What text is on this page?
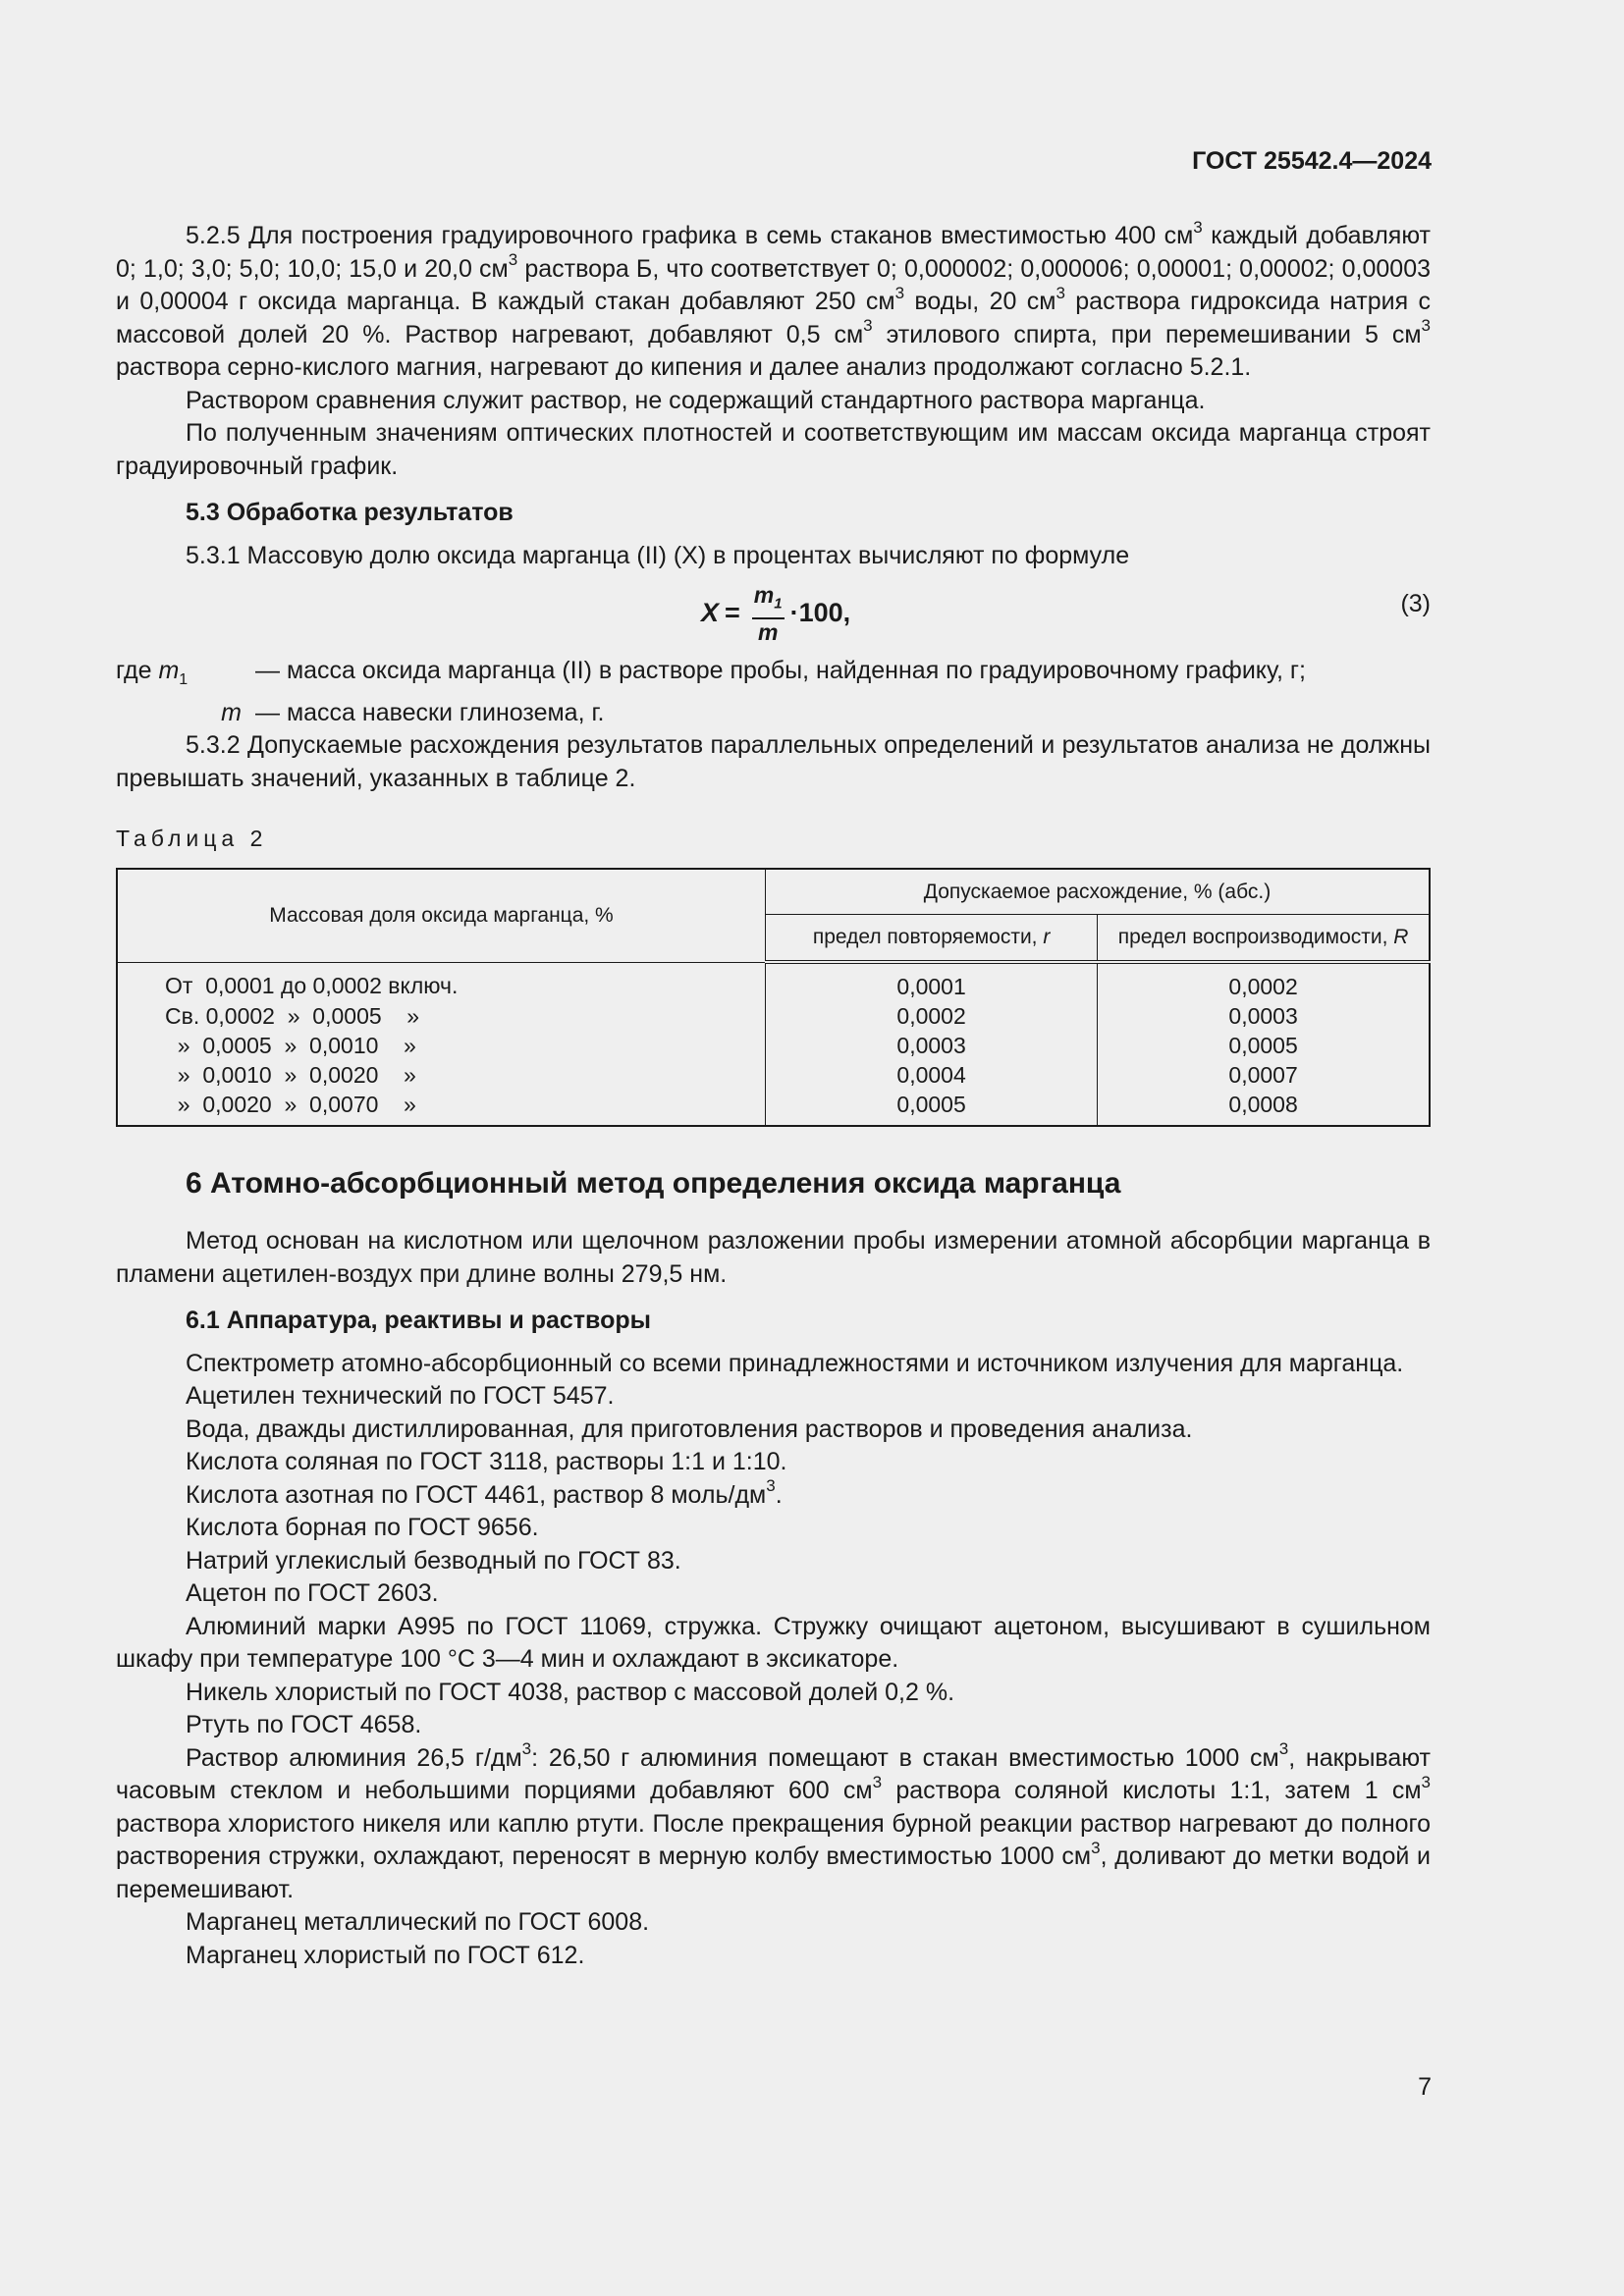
ГОСТ 25542.4—2024

5.2.5 Для построения градуировочного графика в семь стаканов вместимостью 400 $см^3$ каждый добавляют 0; 1,0; 3,0; 5,0; 10,0; 15,0 и 20,0 $см^3$ раствора Б, что соответствует 0; 0,000002; 0,000006; 0,00001; 0,00002; 0,00003 и 0,00004 г оксида марганца. В каждый стакан добавляют 250 $см^3$ воды, 20 $см^3$ раствора гидроксида натрия с массовой долей 20 %. Раствор нагревают, добавляют 0,5 $см^3$ этилового спирта, при перемешивании 5 $см^3$ раствора серно-кислого магния, нагревают до кипения и далее анализ продолжают согласно 5.2.1.

Раствором сравнения служит раствор, не содержащий стандартного раствора марганца.

По полученным значениям оптических плотностей и соответствующим им массам оксида марганца строят градуировочный график.

5.3 Обработка результатов

5.3.1 Массовую долю оксида марганца (II) (X) в процентах вычисляют по формуле

$X = \frac{m_1}{m} \cdot 100$,	(3)
где $m_1$	— масса оксида марганца (II) в растворе пробы, найденная по градуировочному графику, г;
m — масса навески глинозема, г.

5.3.2 Допускаемые расхождения результатов параллельных определений и результатов анализа не должны превышать значений, указанных в таблице 2.

Таблица 2
Массовая доля оксида марганца, %	Допускаемое расхождение, % (абс.)	
	предел повторяемости, r	предел воспроизводимости, R
От  0,0001 до 0,0002 включ.	0,0001	0,0002
Св. 0,0002  »  0,0005    »	0,0002	0,0003
»  0,0005  »  0,0010    »	0,0003	0,0005
»  0,0010  »  0,0020    »	0,0004	0,0007
»  0,0020  »  0,0070    »	0,0005	0,0008
6 Атомно-абсорбционный метод определения оксида марганца

Метод основан на кислотном или щелочном разложении пробы измерении атомной абсорбции марганца в пламени ацетилен-воздух при длине волны 279,5 нм.

6.1 Аппаратура, реактивы и растворы

Спектрометр атомно-абсорбционный со всеми принадлежностями и источником излучения для марганца.

Ацетилен технический по ГОСТ 5457.

Вода, дважды дистиллированная, для приготовления растворов и проведения анализа.

Кислота соляная по ГОСТ 3118, растворы 1:1 и 1:10.

Кислота азотная по ГОСТ 4461, раствор 8 моль/$дм^3$.

Кислота борная по ГОСТ 9656.

Натрий углекислый безводный по ГОСТ 83.

Ацетон по ГОСТ 2603.

Алюминий марки А995 по ГОСТ 11069, стружка. Стружку очищают ацетоном, высушивают в сушильном шкафу при температуре 100 °С 3—4 мин и охлаждают в эксикаторе.

Никель хлористый по ГОСТ 4038, раствор с массовой долей 0,2 %.

Ртуть по ГОСТ 4658.

Раствор алюминия 26,5 $г/дм^3$: 26,50 г алюминия помещают в стакан вместимостью 1000 $см^3$, накрывают часовым стеклом и небольшими порциями добавляют 600 $см^3$ раствора соляной кислоты 1:1, затем 1 $см^3$ раствора хлористого никеля или каплю ртути. После прекращения бурной реакции раствор нагревают до полного растворения стружки, охлаждают, переносят в мерную колбу вместимостью 1000 $см^3$, доливают до метки водой и перемешивают.

Марганец металлический по ГОСТ 6008.

Марганец хлористый по ГОСТ 612.

7
